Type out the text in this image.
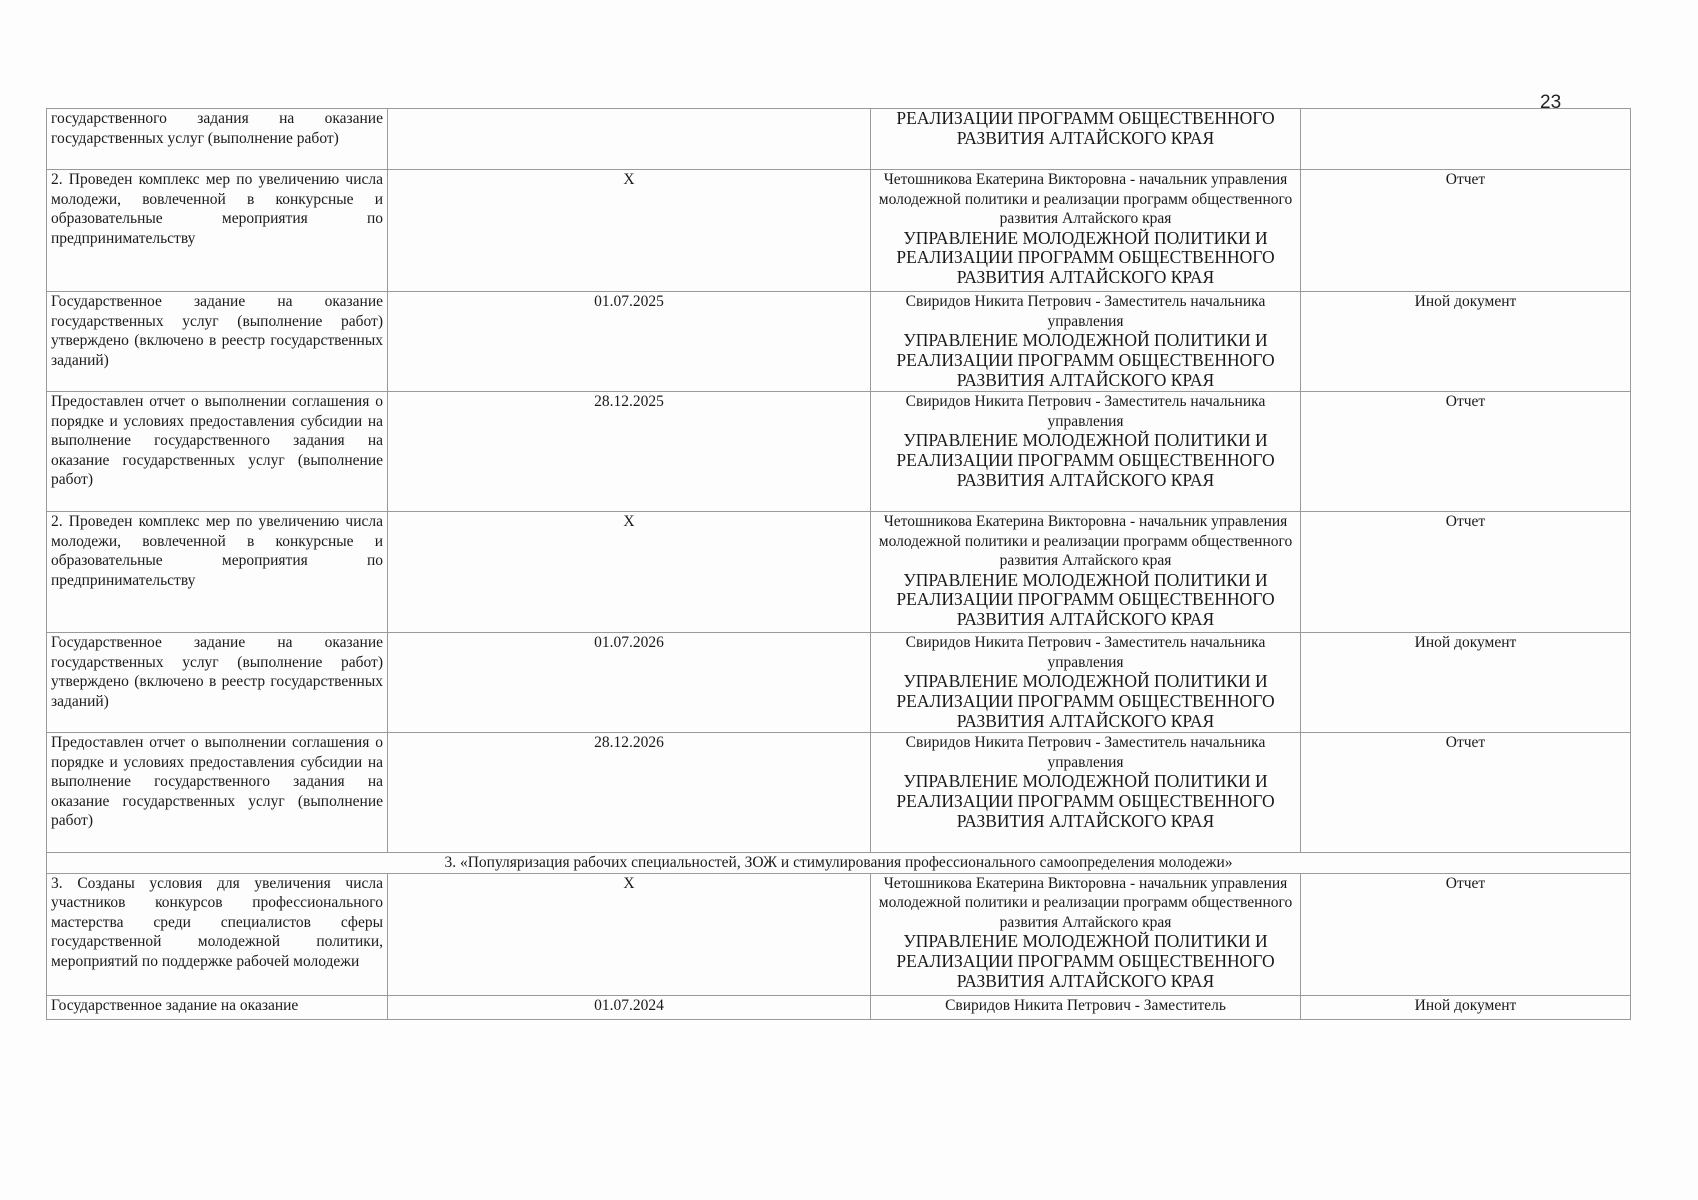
23
государственного задания на оказание государственных услуг (выполнение работ)		РЕАЛИЗАЦИИ ПРОГРАММ ОБЩЕСТВЕННОГО РАЗВИТИЯ АЛТАЙСКОГО КРАЯ	

2. Проведен комплекс мер по увеличению числа молодежи, вовлеченной в конкурсные и образовательные мероприятия по предпринимательству	X	Четошникова Екатерина Викторовна - начальник управления молодежной политики и реализации программ общественного развития Алтайского края
УПРАВЛЕНИЕ МОЛОДЕЖНОЙ ПОЛИТИКИ И РЕАЛИЗАЦИИ ПРОГРАММ ОБЩЕСТВЕННОГО РАЗВИТИЯ АЛТАЙСКОГО КРАЯ	Отчет
Государственное задание на оказание государственных услуг (выполнение работ) утверждено (включено в реестр государственных заданий)	01.07.2025	Свиридов Никита Петрович - Заместитель начальника управления
УПРАВЛЕНИЕ МОЛОДЕЖНОЙ ПОЛИТИКИ И РЕАЛИЗАЦИИ ПРОГРАММ ОБЩЕСТВЕННОГО РАЗВИТИЯ АЛТАЙСКОГО КРАЯ	Иной документ
Предоставлен отчет о выполнении соглашения о порядке и условиях предоставления субсидии на выполнение государственного задания на оказание государственных услуг (выполнение работ)	28.12.2025	Свиридов Никита Петрович - Заместитель начальника управления
УПРАВЛЕНИЕ МОЛОДЕЖНОЙ ПОЛИТИКИ И РЕАЛИЗАЦИИ ПРОГРАММ ОБЩЕСТВЕННОГО РАЗВИТИЯ АЛТАЙСКОГО КРАЯ	Отчет
2. Проведен комплекс мер по увеличению числа молодежи, вовлеченной в конкурсные и образовательные мероприятия по предпринимательству	X	Четошникова Екатерина Викторовна - начальник управления молодежной политики и реализации программ общественного развития Алтайского края
УПРАВЛЕНИЕ МОЛОДЕЖНОЙ ПОЛИТИКИ И РЕАЛИЗАЦИИ ПРОГРАММ ОБЩЕСТВЕННОГО РАЗВИТИЯ АЛТАЙСКОГО КРАЯ	Отчет
Государственное задание на оказание государственных услуг (выполнение работ) утверждено (включено в реестр государственных заданий)	01.07.2026	Свиридов Никита Петрович - Заместитель начальника управления
УПРАВЛЕНИЕ МОЛОДЕЖНОЙ ПОЛИТИКИ И РЕАЛИЗАЦИИ ПРОГРАММ ОБЩЕСТВЕННОГО РАЗВИТИЯ АЛТАЙСКОГО КРАЯ	Иной документ
Предоставлен отчет о выполнении соглашения о порядке и условиях предоставления субсидии на выполнение государственного задания на оказание государственных услуг (выполнение работ)	28.12.2026	Свиридов Никита Петрович - Заместитель начальника управления
УПРАВЛЕНИЕ МОЛОДЕЖНОЙ ПОЛИТИКИ И РЕАЛИЗАЦИИ ПРОГРАММ ОБЩЕСТВЕННОГО РАЗВИТИЯ АЛТАЙСКОГО КРАЯ	Отчет
3. «Популяризация рабочих специальностей, ЗОЖ и стимулирования профессионального самоопределения молодежи»			
3. Созданы условия для увеличения числа участников конкурсов профессионального мастерства среди специалистов сферы государственной молодежной политики, мероприятий по поддержке рабочей молодежи	X	Четошникова Екатерина Викторовна - начальник управления молодежной политики и реализации программ общественного развития Алтайского края
УПРАВЛЕНИЕ МОЛОДЕЖНОЙ ПОЛИТИКИ И РЕАЛИЗАЦИИ ПРОГРАММ ОБЩЕСТВЕННОГО РАЗВИТИЯ АЛТАЙСКОГО КРАЯ	Отчет
Государственное задание на оказание	01.07.2024	Свиридов Никита Петрович - Заместитель	Иной документ
